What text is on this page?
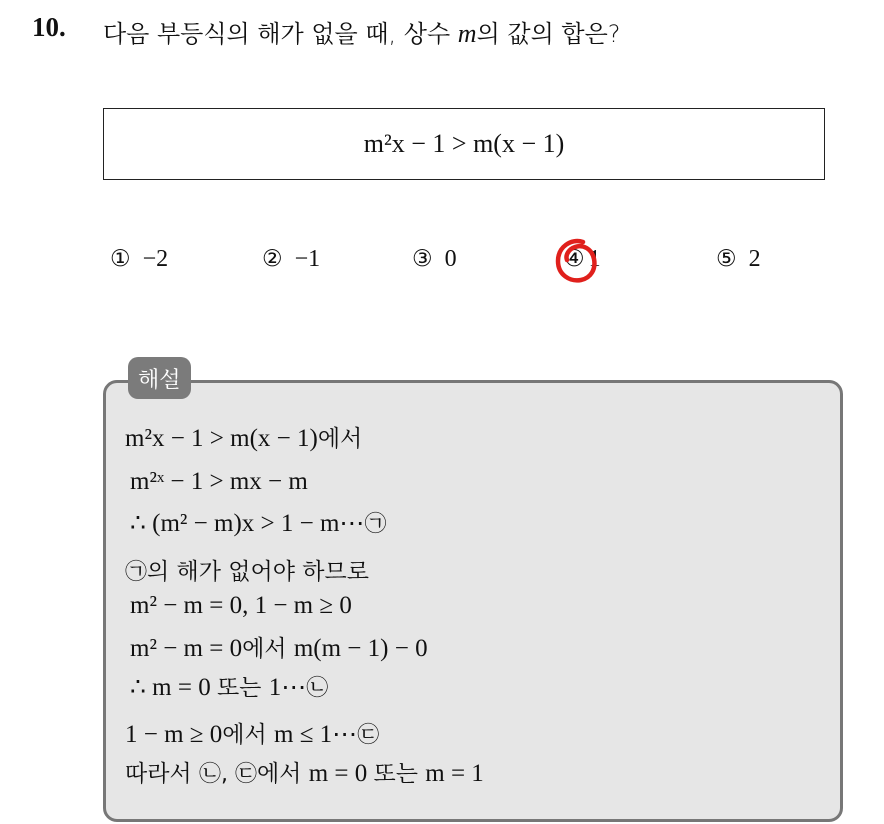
10. 다음 부등식의 해가 없을 때, 상수 m의 값의 합은?
m²x − 1 > m(x − 1)
① −2	② −1	③ 0	④ 1	⑤ 2
해설
m²x − 1 > m(x − 1)에서
m²ˣ − 1 > mx − m
∴ (m² − m)x > 1 − m⋯㉠
㉠의 해가 없어야 하므로
m² − m = 0, 1 − m ≥ 0
m² − m = 0에서 m(m − 1) − 0
∴ m = 0 또는 1⋯㉡
1 − m ≥ 0에서 m ≤ 1⋯㉢
따라서 ㉡, ㉢에서 m = 0 또는 m = 1
